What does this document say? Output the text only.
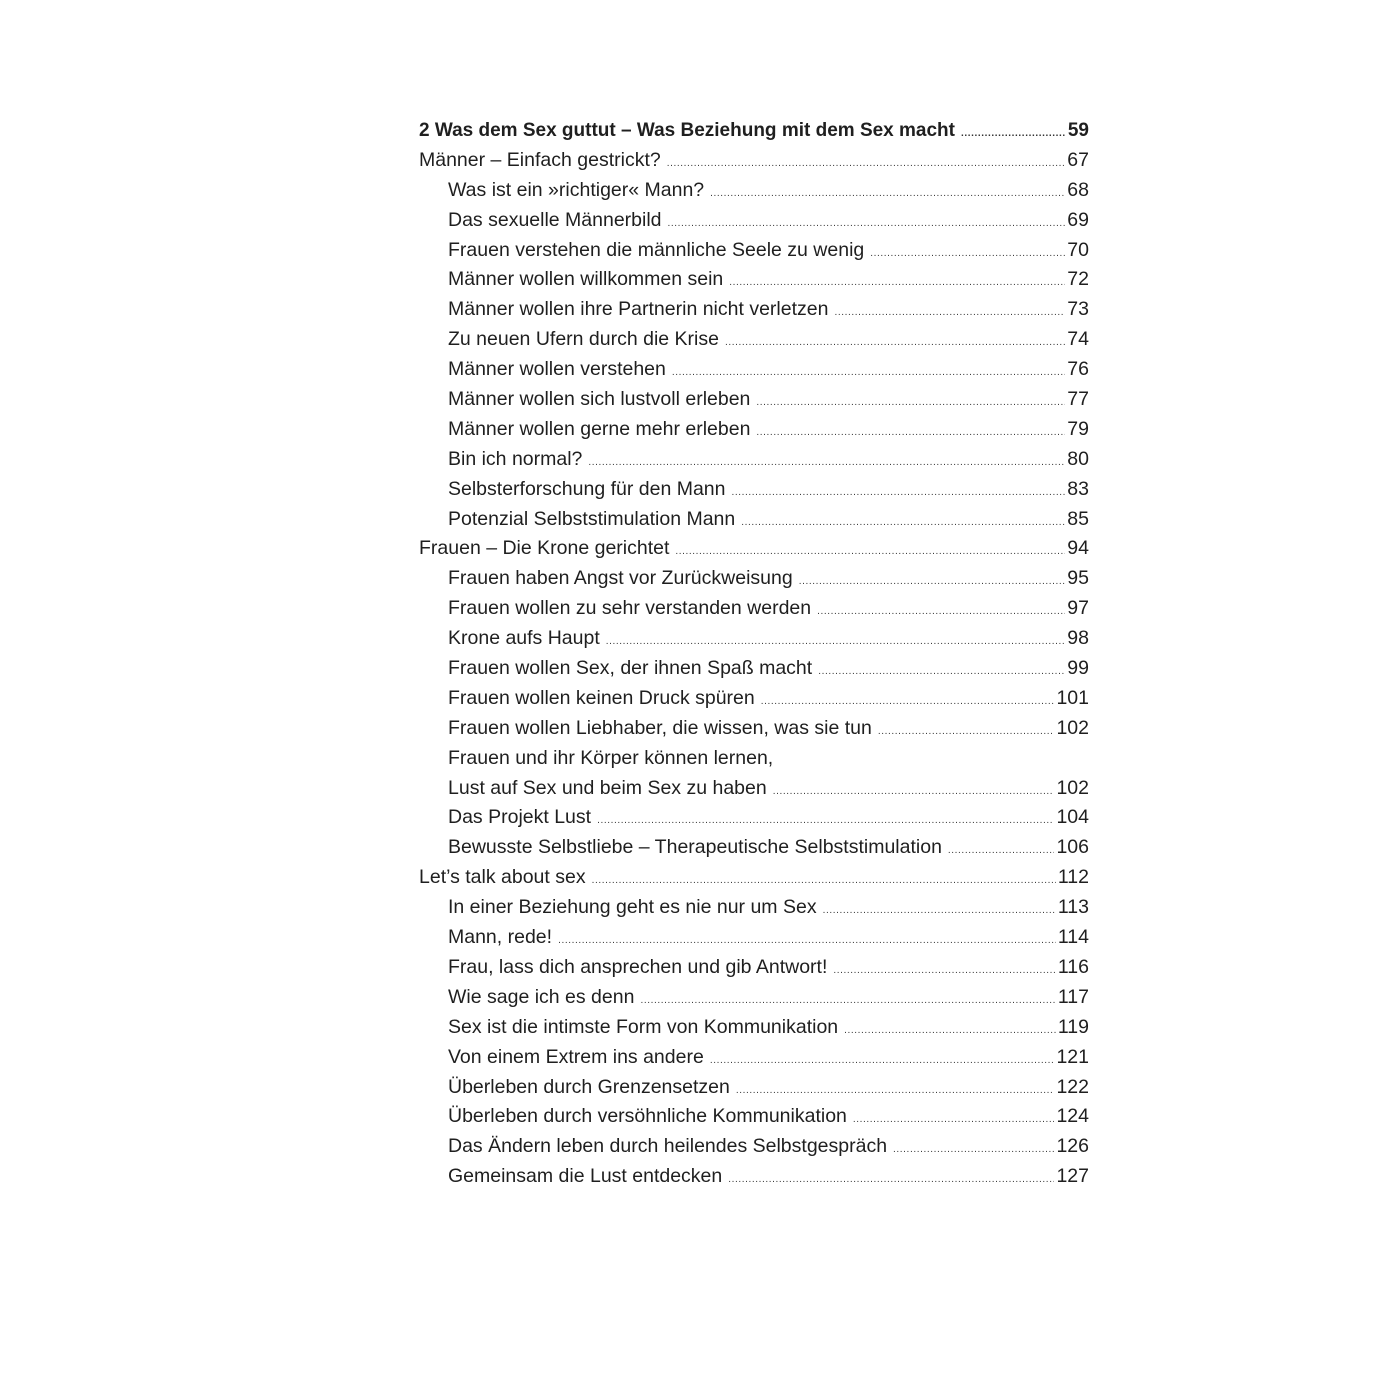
2 Was dem Sex guttut – Was Beziehung mit dem Sex macht .....	59
Männer – Einfach gestrickt? .....	67
Was ist ein »richtiger« Mann? .....	68
Das sexuelle Männerbild .....	69
Frauen verstehen die männliche Seele zu wenig .....	70
Männer wollen willkommen sein .....	72
Männer wollen ihre Partnerin nicht verletzen .....	73
Zu neuen Ufern durch die Krise .....	74
Männer wollen verstehen .....	76
Männer wollen sich lustvoll erleben .....	77
Männer wollen gerne mehr erleben .....	79
Bin ich normal? .....	80
Selbsterforschung für den Mann .....	83
Potenzial Selbststimulation Mann .....	85
Frauen – Die Krone gerichtet .....	94
Frauen haben Angst vor Zurückweisung .....	95
Frauen wollen zu sehr verstanden werden .....	97
Krone aufs Haupt .....	98
Frauen wollen Sex, der ihnen Spaß macht .....	99
Frauen wollen keinen Druck spüren .....	101
Frauen wollen Liebhaber, die wissen, was sie tun .....	102
Frauen und ihr Körper können lernen,
Lust auf Sex und beim Sex zu haben .....	102
Das Projekt Lust .....	104
Bewusste Selbstliebe – Therapeutische Selbststimulation .....	106
Let’s talk about sex .....	112
In einer Beziehung geht es nie nur um Sex .....	113
Mann, rede! .....	114
Frau, lass dich ansprechen und gib Antwort! .....	116
Wie sage ich es denn .....	117
Sex ist die intimste Form von Kommunikation .....	119
Von einem Extrem ins andere .....	121
Überleben durch Grenzensetzen .....	122
Überleben durch versöhnliche Kommunikation .....	124
Das Ändern leben durch heilendes Selbstgespräch .....	126
Gemeinsam die Lust entdecken .....	127
